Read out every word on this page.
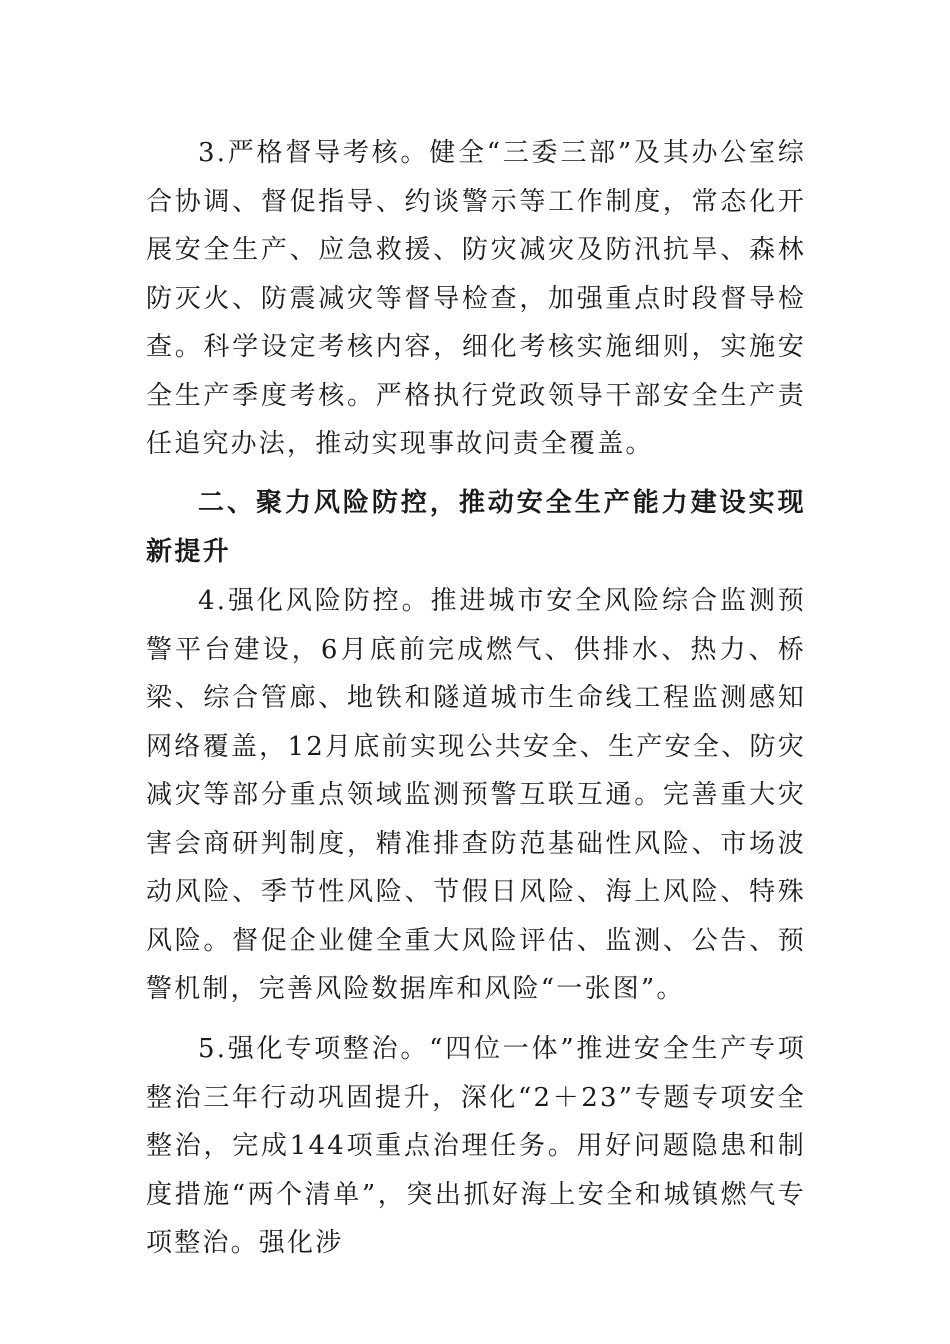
3.严格督导考核。健全“三委三部”及其办公室综合协调、督促指导、约谈警示等工作制度，常态化开展安全生产、应急救援、防灾减灾及防汛抗旱、森林防灭火、防震减灾等督导检查，加强重点时段督导检查。科学设定考核内容，细化考核实施细则，实施安全生产季度考核。严格执行党政领导干部安全生产责任追究办法，推动实现事故问责全覆盖。

二、聚力风险防控，推动安全生产能力建设实现新提升

4.强化风险防控。推进城市安全风险综合监测预警平台建设，6月底前完成燃气、供排水、热力、桥梁、综合管廊、地铁和隧道城市生命线工程监测感知网络覆盖，12月底前实现公共安全、生产安全、防灾减灾等部分重点领域监测预警互联互通。完善重大灾害会商研判制度，精准排查防范基础性风险、市场波动风险、季节性风险、节假日风险、海上风险、特殊风险。督促企业健全重大风险评估、监测、公告、预警机制，完善风险数据库和风险“一张图”。

5.强化专项整治。“四位一体”推进安全生产专项整治三年行动巩固提升，深化“2＋23”专题专项安全整治，完成144项重点治理任务。用好问题隐患和制度措施“两个清单”，突出抓好海上安全和城镇燃气专项整治。强化涉
